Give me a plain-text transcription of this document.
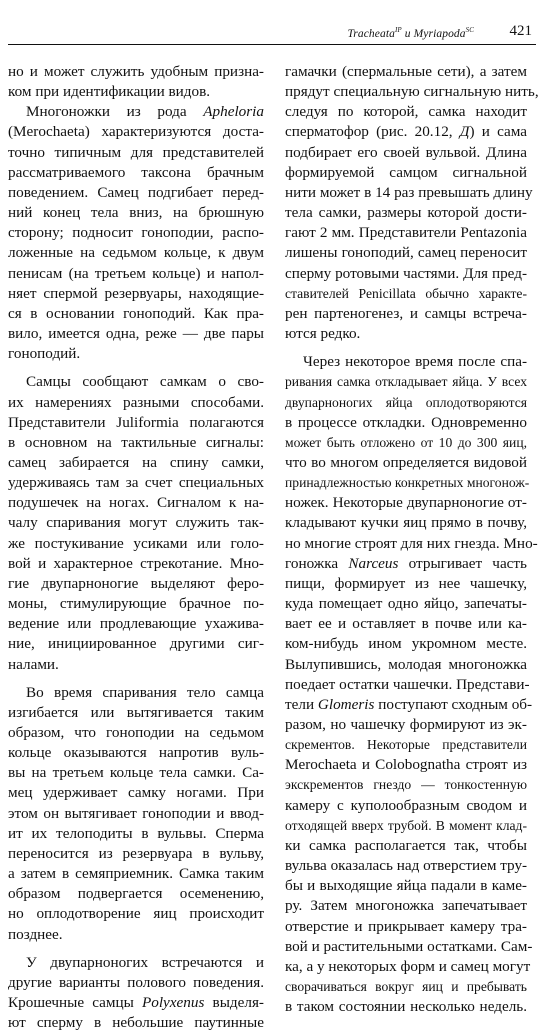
Tracheata$^{IP}$ и Myriapoda$^{SC}$ 421
но и может служить удобным призна-
ком при идентификации видов.
Многоножки из рода Apheloria
(Merochaeta) характеризуются доста-
точно типичным для представителей
рассматриваемого таксона брачным
поведением. Самец подгибает перед-
ний конец тела вниз, на брюшную
сторону; подносит гоноподии, распо-
ложенные на седьмом кольце, к двум
пенисам (на третьем кольце) и напол-
няет спермой резервуары, находящие-
ся в основании гоноподий. Как пра-
вило, имеется одна, реже — две пары
гоноподий.
Самцы сообщают самкам о сво-
их намерениях разными способами.
Представители Juliformia полагаются
в основном на тактильные сигналы:
самец забирается на спину самки,
удерживаясь там за счет специальных
подушечек на ногах. Сигналом к на-
чалу спаривания могут служить так-
же постукивание усиками или голо-
вой и характерное стрекотание. Мно-
гие двупарноногие выделяют феро-
моны, стимулирующие брачное по-
ведение или продлевающие ухажива-
ние, инициированное другими сиг-
налами.
Во время спаривания тело самца
изгибается или вытягивается таким
образом, что гоноподии на седьмом
кольце оказываются напротив вуль-
вы на третьем кольце тела самки. Са-
мец удерживает самку ногами. При
этом он вытягивает гоноподии и ввод-
ит их телоподиты в вульвы. Сперма
переносится из резервуара в вульву,
а затем в семяприемник. Самка таким
образом подвергается осеменению,
но оплодотворение яиц происходит
позднее.
У двупарноногих встречаются и
другие варианты полового поведения.
Крошечные самцы Polyxenus выделя-
ют сперму в небольшие паутинные
гамачки (спермальные сети), а затем
прядут специальную сигнальную нить,
следуя по которой, самка находит
сперматофор (рис. 20.12, Д) и сама
подбирает его своей вульвой. Длина
формируемой самцом сигнальной
нити может в 14 раз превышать длину
тела самки, размеры которой дости-
гают 2 мм. Представители Pentazonia
лишены гоноподий, самец переносит
сперму ротовыми частями. Для пред-
ставителей Penicillata обычно характе-
рен партеногенез, и самцы встреча-
ются редко.
Через некоторое время после спа-
ривания самка откладывает яйца. У всех
двупарноногих яйца оплодотворяются
в процессе откладки. Одновременно
может быть отложено от 10 до 300 яиц,
что во многом определяется видовой
принадлежностью конкретных многонож-
ножек. Некоторые двупарноногие от-
кладывают кучки яиц прямо в почву,
но многие строят для них гнезда. Мно-
гоножка Narceus отрыгивает часть
пищи, формирует из нее чашечку,
куда помещает одно яйцо, запечаты-
вает ее и оставляет в почве или ка-
ком-нибудь ином укромном месте.
Вылупившись, молодая многоножка
поедает остатки чашечки. Представи-
тели Glomeris поступают сходным об-
разом, но чашечку формируют из эк-
скрементов. Некоторые представители
Merochaeta и Colobognatha строят из
экскрементов гнездо — тонкостенную
камеру с куполообразным сводом и
отходящей вверх трубой. В момент клад-
ки самка располагается так, чтобы
вульва оказалась над отверстием тру-
бы и выходящие яйца падали в каме-
ру. Затем многоножка запечатывает
отверстие и прикрывает камеру тра-
вой и растительными остатками. Сам-
ка, а у некоторых форм и самец могут
сворачиваться вокруг яиц и пребывать
в таком состоянии несколько недель.
